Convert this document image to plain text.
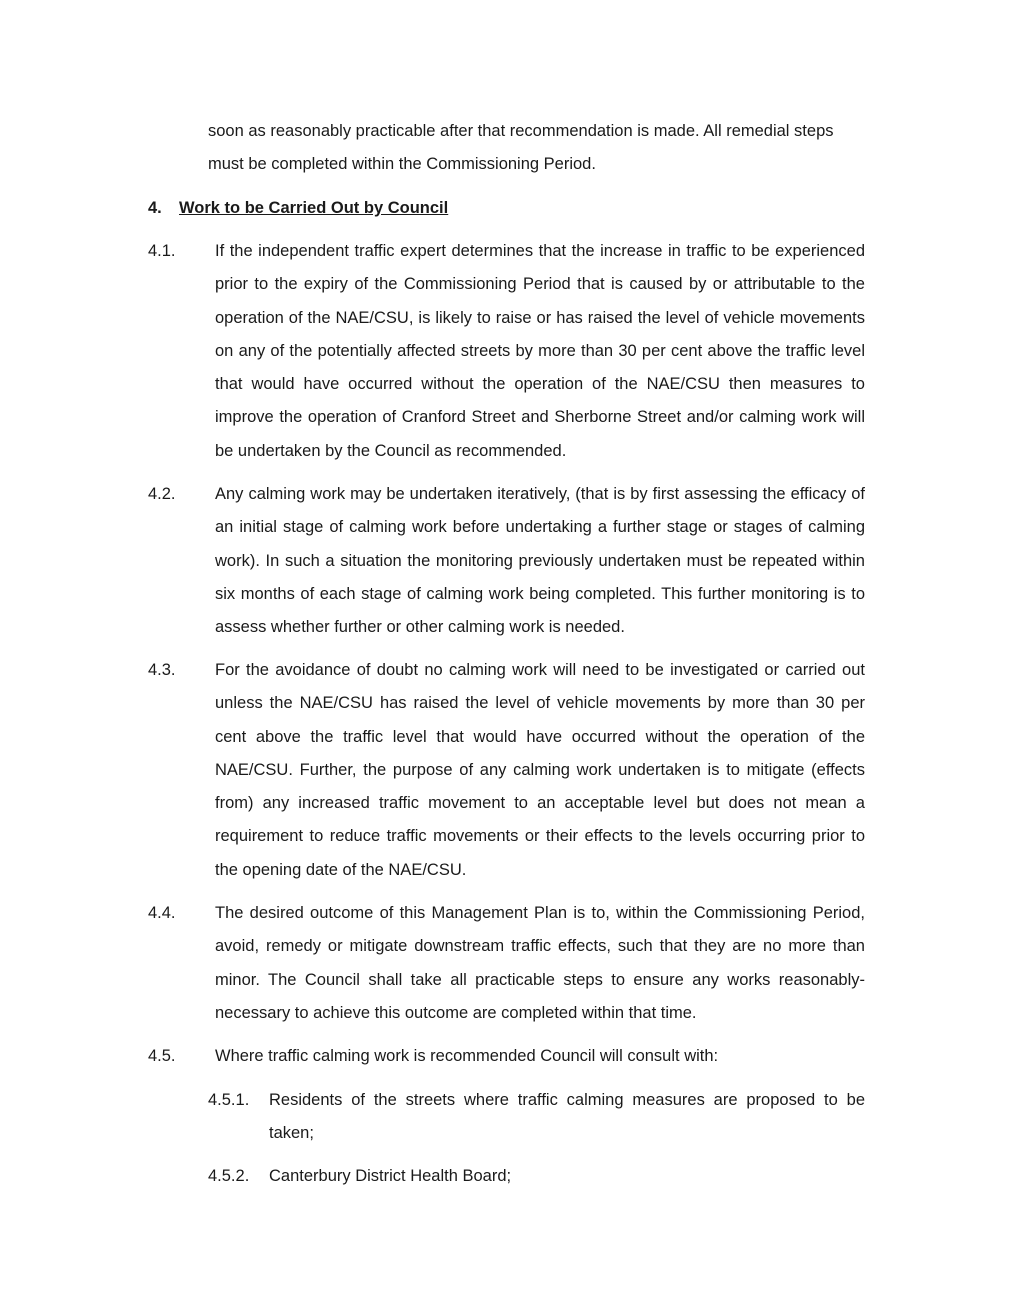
soon as reasonably practicable after that recommendation is made. All remedial steps must be completed within the Commissioning Period.
4. Work to be Carried Out by Council
4.1. If the independent traffic expert determines that the increase in traffic to be experienced prior to the expiry of the Commissioning Period that is caused by or attributable to the operation of the NAE/CSU, is likely to raise or has raised the level of vehicle movements on any of the potentially affected streets by more than 30 per cent above the traffic level that would have occurred without the operation of the NAE/CSU then measures to improve the operation of Cranford Street and Sherborne Street and/or calming work will be undertaken by the Council as recommended.
4.2. Any calming work may be undertaken iteratively, (that is by first assessing the efficacy of an initial stage of calming work before undertaking a further stage or stages of calming work). In such a situation the monitoring previously undertaken must be repeated within six months of each stage of calming work being completed. This further monitoring is to assess whether further or other calming work is needed.
4.3. For the avoidance of doubt no calming work will need to be investigated or carried out unless the NAE/CSU has raised the level of vehicle movements by more than 30 per cent above the traffic level that would have occurred without the operation of the NAE/CSU. Further, the purpose of any calming work undertaken is to mitigate (effects from) any increased traffic movement to an acceptable level but does not mean a requirement to reduce traffic movements or their effects to the levels occurring prior to the opening date of the NAE/CSU.
4.4. The desired outcome of this Management Plan is to, within the Commissioning Period, avoid, remedy or mitigate downstream traffic effects, such that they are no more than minor. The Council shall take all practicable steps to ensure any works reasonably-necessary to achieve this outcome are completed within that time.
4.5. Where traffic calming work is recommended Council will consult with:
4.5.1. Residents of the streets where traffic calming measures are proposed to be taken;
4.5.2. Canterbury District Health Board;
